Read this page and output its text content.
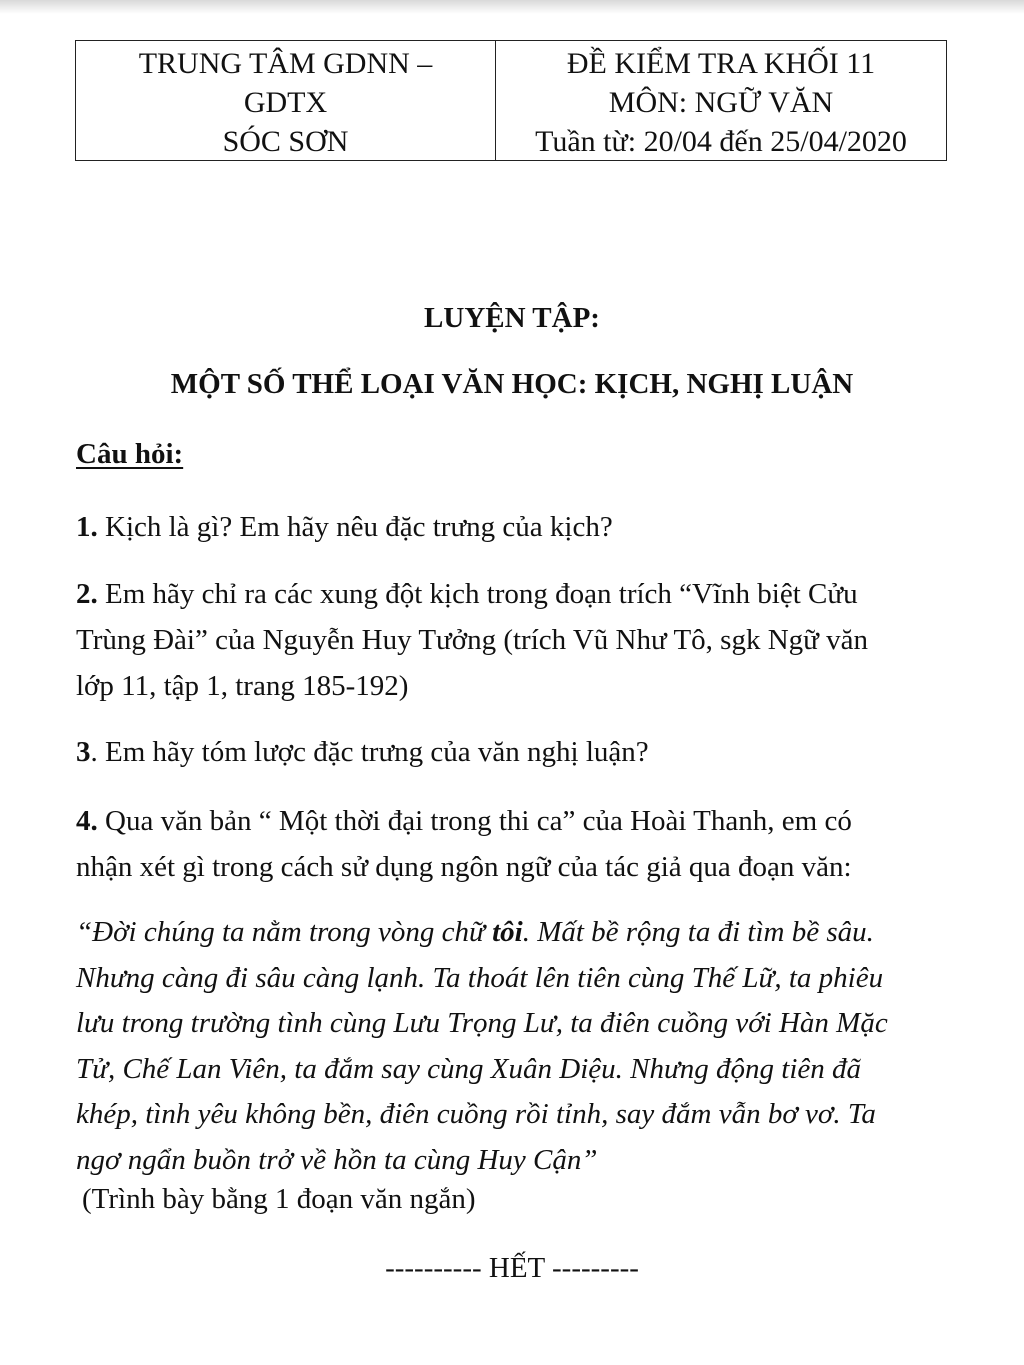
TRUNG TÂM GDNN –
GDTX
SÓC SƠN
ĐỀ KIỂM TRA KHỐI 11
MÔN: NGỮ VĂN
Tuần từ: 20/04 đến 25/04/2020
LUYỆN TẬP:
MỘT SỐ THỂ LOẠI VĂN HỌC: KỊCH, NGHỊ LUẬN
Câu hỏi:
1. Kịch là gì? Em hãy nêu đặc trưng của kịch?
2. Em hãy chỉ ra các xung đột kịch trong đoạn trích “Vĩnh biệt Cửu
Trùng Đài” của Nguyễn Huy Tưởng (trích Vũ Như Tô, sgk Ngữ văn
lớp 11, tập 1, trang 185-192)
3. Em hãy tóm lược đặc trưng của văn nghị luận?
4. Qua văn bản “ Một thời đại trong thi ca” của Hoài Thanh, em có
nhận xét gì trong cách sử dụng ngôn ngữ của tác giả qua đoạn văn:
“Đời chúng ta nằm trong vòng chữ tôi. Mất bề rộng ta đi tìm bề sâu.
Nhưng càng đi sâu càng lạnh. Ta thoát lên tiên cùng Thế Lữ, ta phiêu
lưu trong trường tình cùng Lưu Trọng Lư, ta điên cuồng với Hàn Mặc
Tử, Chế Lan Viên, ta đắm say cùng Xuân Diệu. Nhưng động tiên đã
khép, tình yêu không bền, điên cuồng rồi tỉnh, say đắm vẫn bơ vơ. Ta
ngơ ngẩn buồn trở về hồn ta cùng Huy Cận”
(Trình bày bằng 1 đoạn văn ngắn)
---------- HẾT ---------
